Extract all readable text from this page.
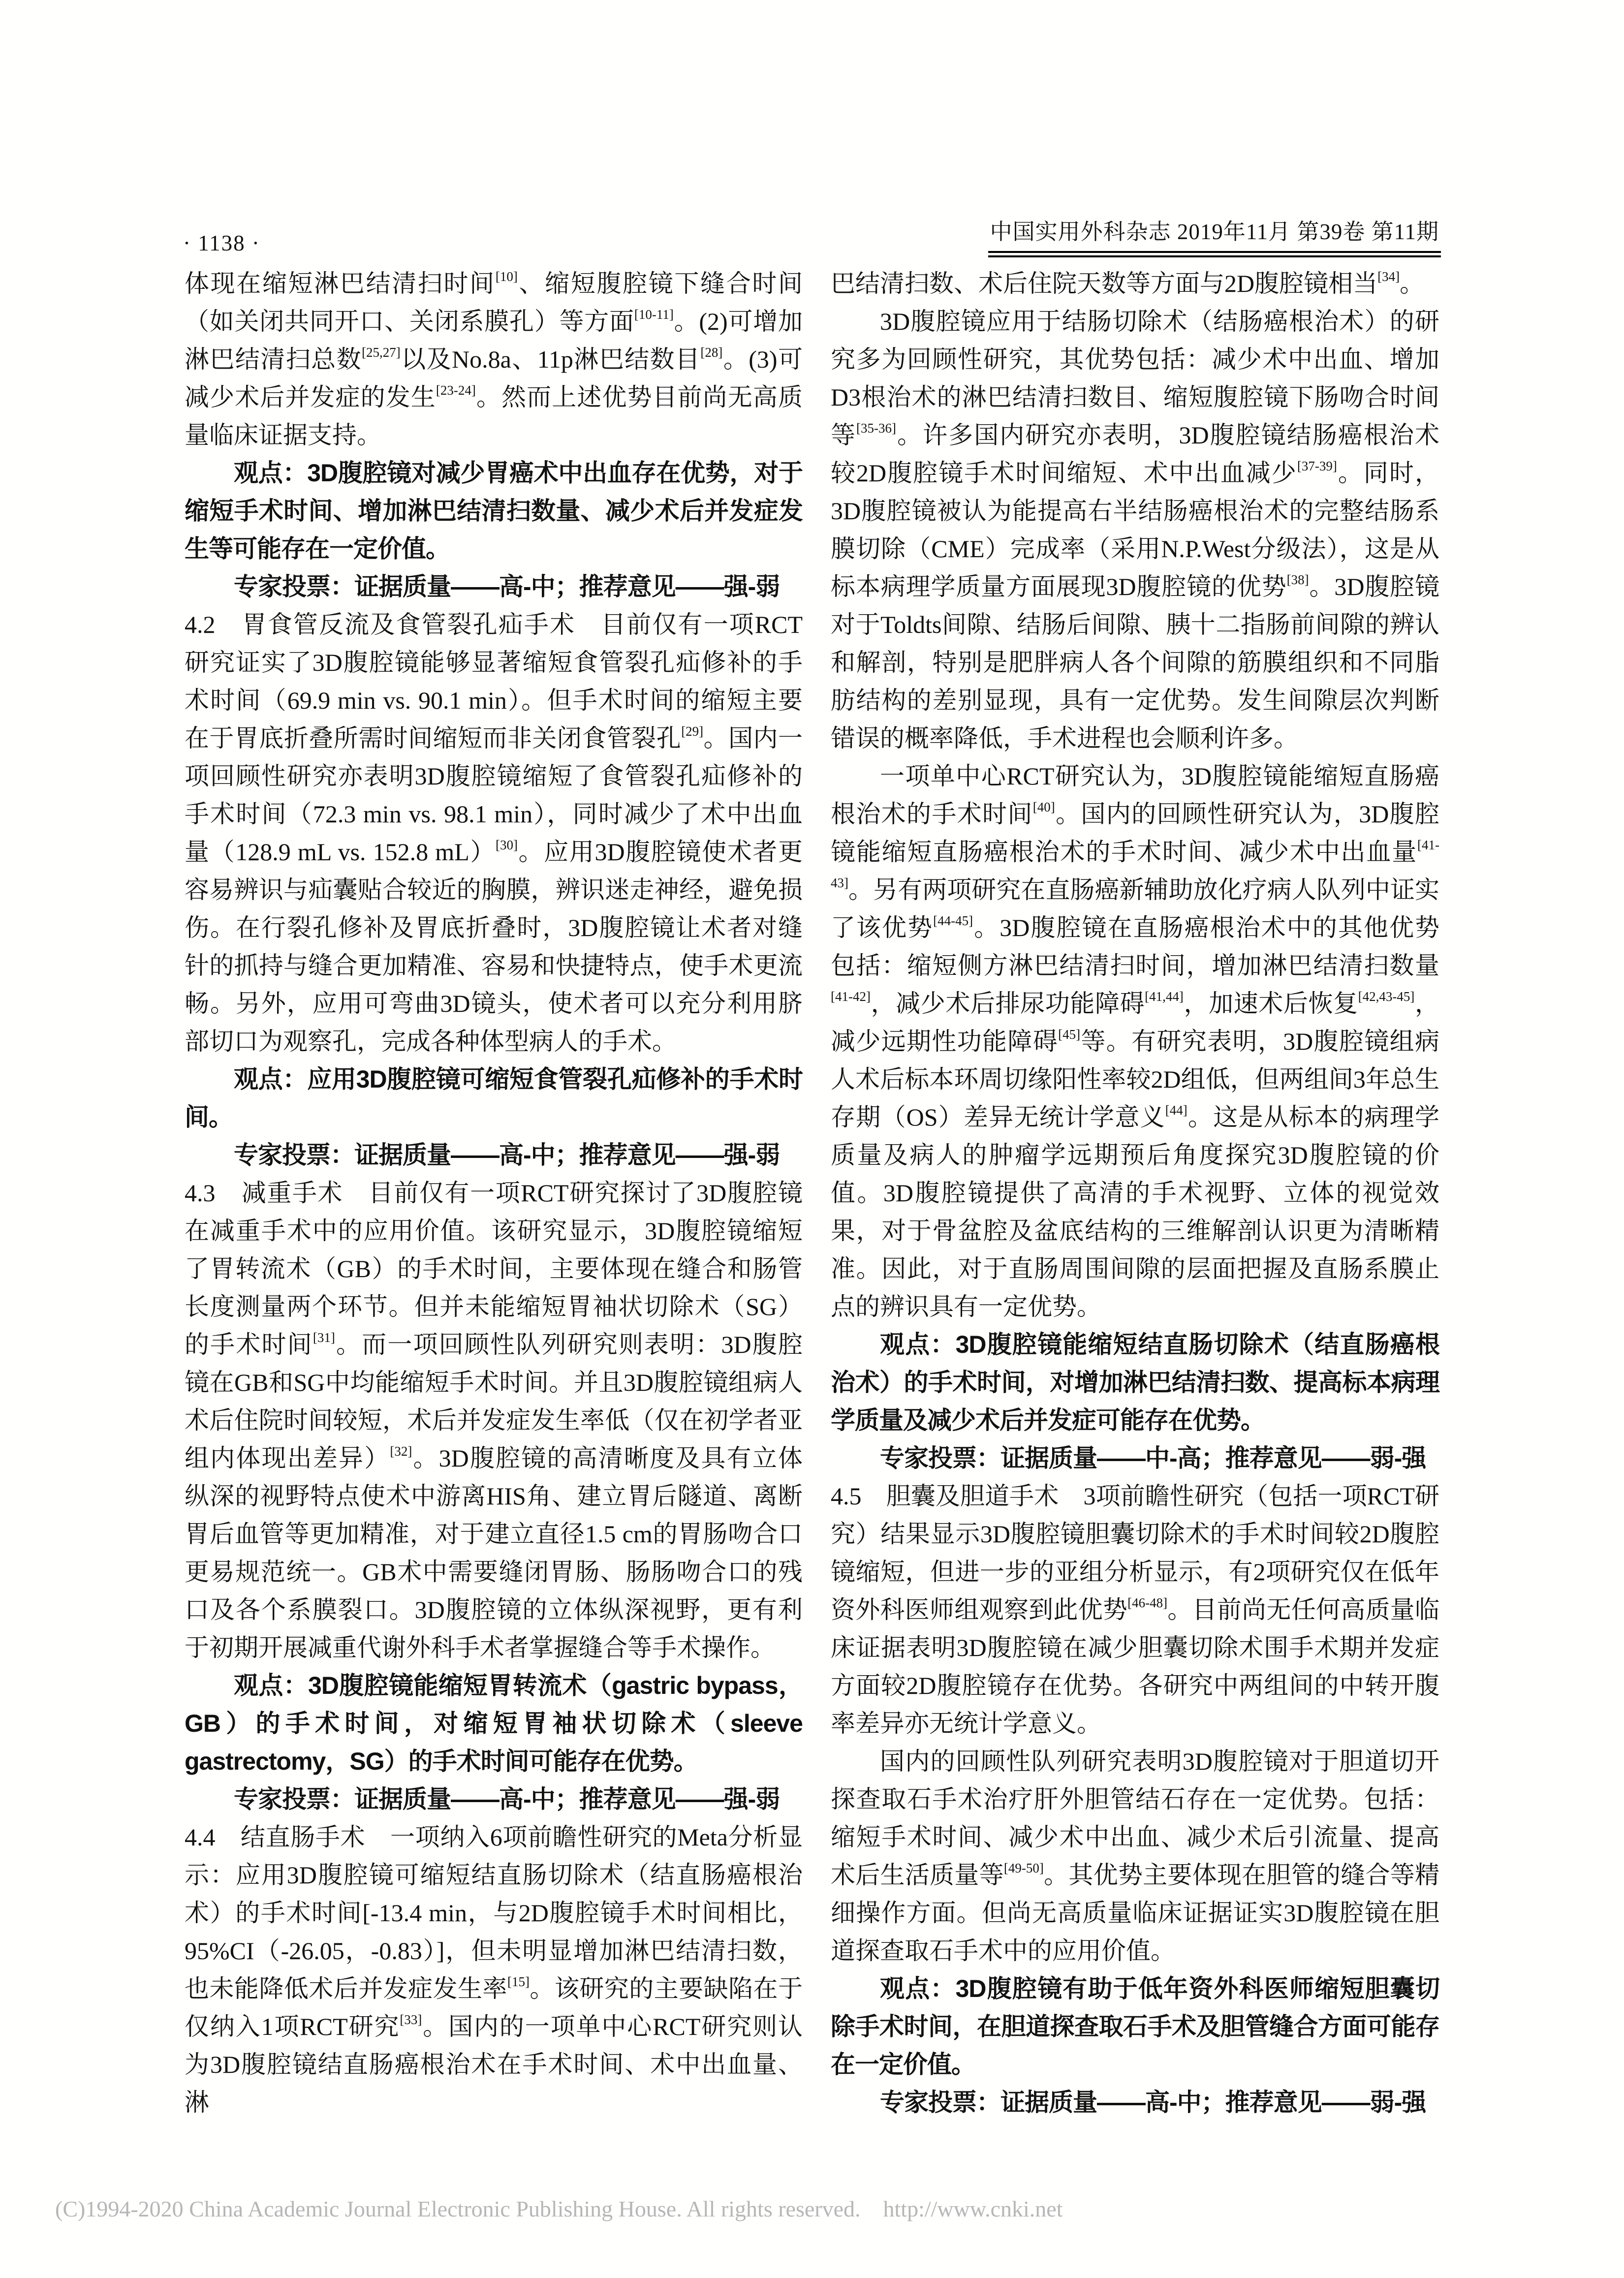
· 1138 ·	中国实用外科杂志 2019年11月 第39卷 第11期

体现在缩短淋巴结清扫时间[10]、缩短腹腔镜下缝合时间（如关闭共同开口、关闭系膜孔）等方面[10-11]。(2)可增加淋巴结清扫总数[25,27]以及No.8a、11p淋巴结数目[28]。(3)可减少术后并发症的发生[23-24]。然而上述优势目前尚无高质量临床证据支持。

观点：3D腹腔镜对减少胃癌术中出血存在优势，对于缩短手术时间、增加淋巴结清扫数量、减少术后并发症发生等可能存在一定价值。

专家投票：证据质量——高-中；推荐意见——强-弱

4.2　 胃食管反流及食管裂孔疝手术　 目前仅有一项RCT研究证实了3D腹腔镜能够显著缩短食管裂孔疝修补的手术时间（69.9 min vs. 90.1 min）。但手术时间的缩短主要在于胃底折叠所需时间缩短而非关闭食管裂孔[29]。国内一项回顾性研究亦表明3D腹腔镜缩短了食管裂孔疝修补的手术时间（72.3 min vs. 98.1 min），同时减少了术中出血量（128.9 mL vs. 152.8 mL）[30]。应用3D腹腔镜使术者更容易辨识与疝囊贴合较近的胸膜，辨识迷走神经，避免损伤。在行裂孔修补及胃底折叠时，3D腹腔镜让术者对缝针的抓持与缝合更加精准、容易和快捷特点，使手术更流畅。另外，应用可弯曲3D镜头，使术者可以充分利用脐部切口为观察孔，完成各种体型病人的手术。

观点：应用3D腹腔镜可缩短食管裂孔疝修补的手术时间。

专家投票：证据质量——高-中；推荐意见——强-弱

4.3　 减重手术　 目前仅有一项RCT研究探讨了3D腹腔镜在减重手术中的应用价值。该研究显示，3D腹腔镜缩短了胃转流术（GB）的手术时间，主要体现在缝合和肠管长度测量两个环节。但并未能缩短胃袖状切除术（SG）的手术时间[31]。而一项回顾性队列研究则表明：3D腹腔镜在GB和SG中均能缩短手术时间。并且3D腹腔镜组病人术后住院时间较短，术后并发症发生率低（仅在初学者亚组内体现出差异）[32]。3D腹腔镜的高清晰度及具有立体纵深的视野特点使术中游离HIS角、建立胃后隧道、离断胃后血管等更加精准，对于建立直径1.5 cm的胃肠吻合口更易规范统一。GB术中需要缝闭胃肠、肠肠吻合口的残口及各个系膜裂口。3D腹腔镜的立体纵深视野，更有利于初期开展减重代谢外科手术者掌握缝合等手术操作。

观点：3D腹腔镜能缩短胃转流术（gastric bypass，GB）的手术时间，对缩短胃袖状切除术（sleeve gastrectomy，SG）的手术时间可能存在优势。

专家投票：证据质量——高-中；推荐意见——强-弱

4.4　 结直肠手术　 一项纳入6项前瞻性研究的Meta分析显示：应用3D腹腔镜可缩短结直肠切除术（结直肠癌根治术）的手术时间[-13.4 min，与2D腹腔镜手术时间相比，95%CI（-26.05，-0.83）]，但未明显增加淋巴结清扫数，也未能降低术后并发症发生率[15]。该研究的主要缺陷在于仅纳入1项RCT研究[33]。国内的一项单中心RCT研究则认为3D腹腔镜结直肠癌根治术在手术时间、术中出血量、淋

巴结清扫数、术后住院天数等方面与2D腹腔镜相当[34]。

3D腹腔镜应用于结肠切除术（结肠癌根治术）的研究多为回顾性研究，其优势包括：减少术中出血、增加D3根治术的淋巴结清扫数目、缩短腹腔镜下肠吻合时间等[35-36]。许多国内研究亦表明，3D腹腔镜结肠癌根治术较2D腹腔镜手术时间缩短、术中出血减少[37-39]。同时，3D腹腔镜被认为能提高右半结肠癌根治术的完整结肠系膜切除（CME）完成率（采用N.P.West分级法），这是从标本病理学质量方面展现3D腹腔镜的优势[38]。3D腹腔镜对于Toldts间隙、结肠后间隙、胰十二指肠前间隙的辨认和解剖，特别是肥胖病人各个间隙的筋膜组织和不同脂肪结构的差别显现，具有一定优势。发生间隙层次判断错误的概率降低，手术进程也会顺利许多。

一项单中心RCT研究认为，3D腹腔镜能缩短直肠癌根治术的手术时间[40]。国内的回顾性研究认为，3D腹腔镜能缩短直肠癌根治术的手术时间、减少术中出血量[41-43]。另有两项研究在直肠癌新辅助放化疗病人队列中证实了该优势[44-45]。3D腹腔镜在直肠癌根治术中的其他优势包括：缩短侧方淋巴结清扫时间，增加淋巴结清扫数量[41-42]，减少术后排尿功能障碍[41,44]，加速术后恢复[42,43-45]，减少远期性功能障碍[45]等。有研究表明，3D腹腔镜组病人术后标本环周切缘阳性率较2D组低，但两组间3年总生存期（OS）差异无统计学意义[44]。这是从标本的病理学质量及病人的肿瘤学远期预后角度探究3D腹腔镜的价值。3D腹腔镜提供了高清的手术视野、立体的视觉效果，对于骨盆腔及盆底结构的三维解剖认识更为清晰精准。因此，对于直肠周围间隙的层面把握及直肠系膜止点的辨识具有一定优势。

观点：3D腹腔镜能缩短结直肠切除术（结直肠癌根治术）的手术时间，对增加淋巴结清扫数、提高标本病理学质量及减少术后并发症可能存在优势。

专家投票：证据质量——中-高；推荐意见——弱-强

4.5　 胆囊及胆道手术　 3项前瞻性研究（包括一项RCT研究）结果显示3D腹腔镜胆囊切除术的手术时间较2D腹腔镜缩短，但进一步的亚组分析显示，有2项研究仅在低年资外科医师组观察到此优势[46-48]。目前尚无任何高质量临床证据表明3D腹腔镜在减少胆囊切除术围手术期并发症方面较2D腹腔镜存在优势。各研究中两组间的中转开腹率差异亦无统计学意义。

国内的回顾性队列研究表明3D腹腔镜对于胆道切开探查取石手术治疗肝外胆管结石存在一定优势。包括：缩短手术时间、减少术中出血、减少术后引流量、提高术后生活质量等[49-50]。其优势主要体现在胆管的缝合等精细操作方面。但尚无高质量临床证据证实3D腹腔镜在胆道探查取石手术中的应用价值。

观点：3D腹腔镜有助于低年资外科医师缩短胆囊切除手术时间，在胆道探查取石手术及胆管缝合方面可能存在一定价值。

专家投票：证据质量——高-中；推荐意见——弱-强

(C)1994-2020 China Academic Journal Electronic Publishing House. All rights reserved. http://www.cnki.net
